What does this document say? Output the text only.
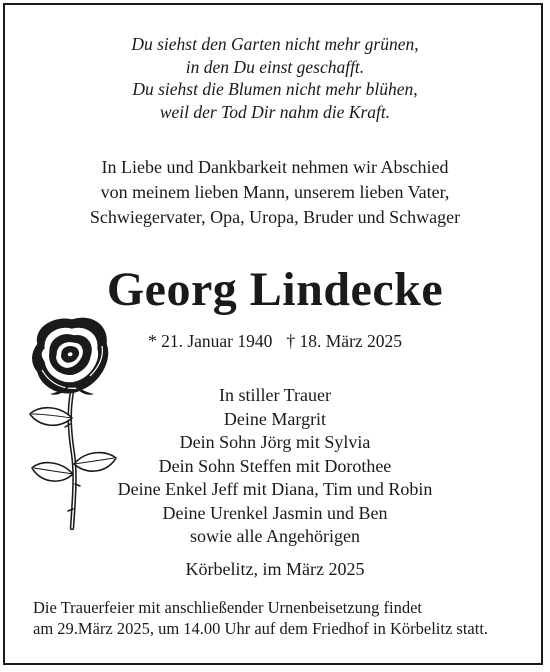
Du siehst den Garten nicht mehr grünen,
in den Du einst geschafft.
Du siehst die Blumen nicht mehr blühen,
weil der Tod Dir nahm die Kraft.
In Liebe und Dankbarkeit nehmen wir Abschied
von meinem lieben Mann, unserem lieben Vater,
Schwiegervater, Opa, Uropa, Bruder und Schwager
Georg Lindecke
* 21. Januar 1940 † 18. März 2025
In stiller Trauer
Deine Margrit
Dein Sohn Jörg mit Sylvia
Dein Sohn Steffen mit Dorothee
Deine Enkel Jeff mit Diana, Tim und Robin
Deine Urenkel Jasmin und Ben
sowie alle Angehörigen
Körbelitz, im März 2025
Die Trauerfeier mit anschließender Urnenbeisetzung findet
am 29.März 2025, um 14.00 Uhr auf dem Friedhof in Körbelitz statt.
